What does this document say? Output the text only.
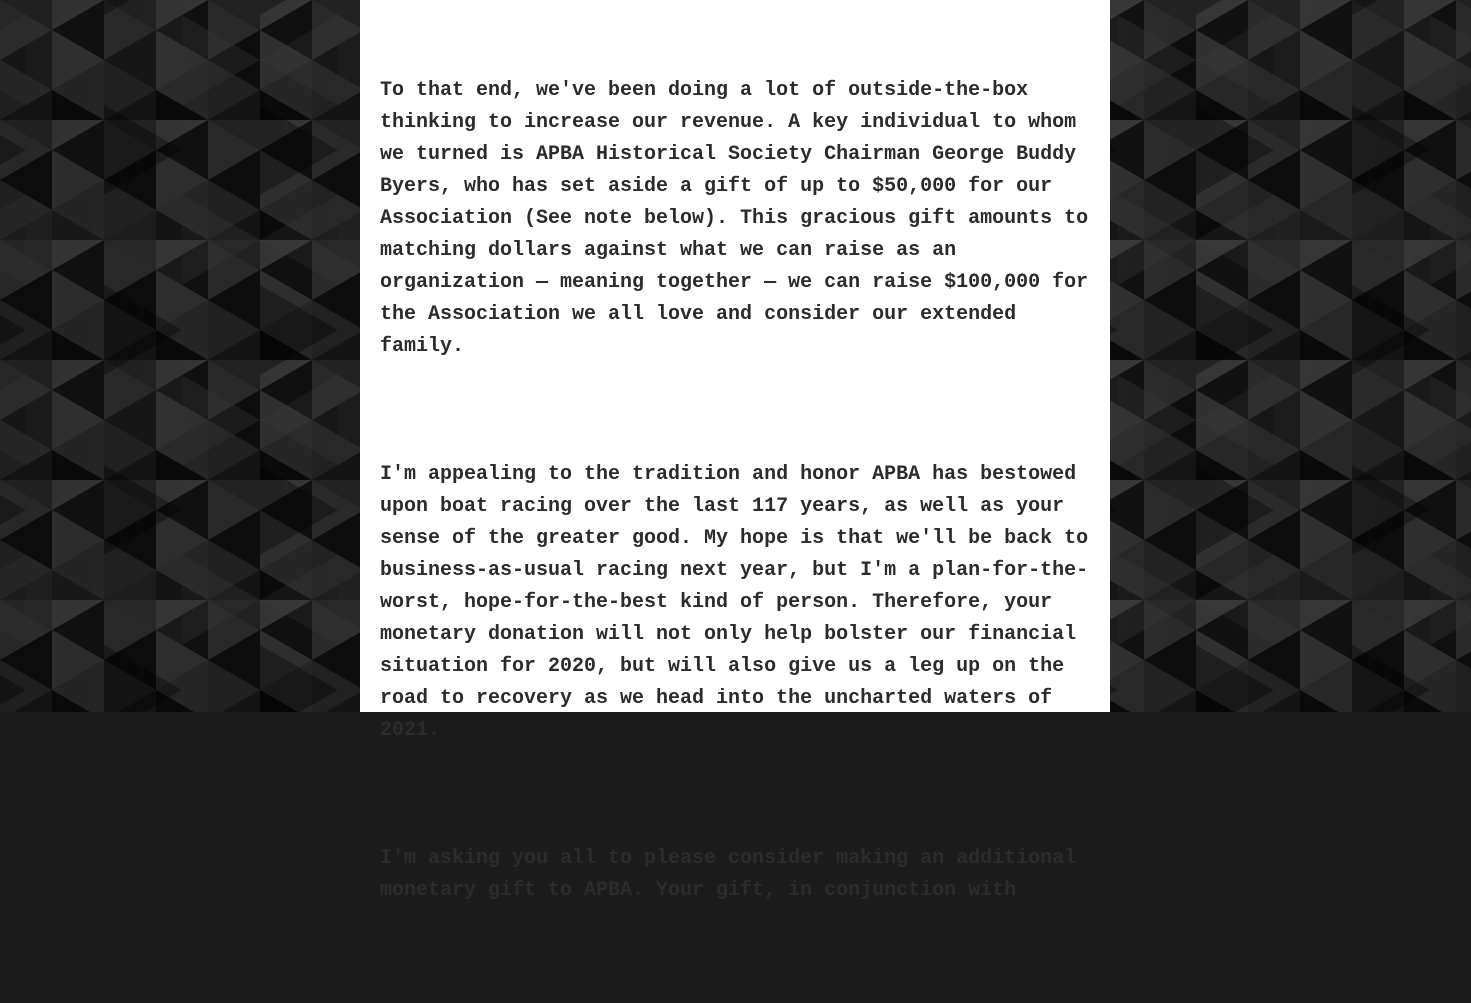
To that end, we've been doing a lot of outside-the-box
thinking to increase our revenue. A key individual to whom
we turned is APBA Historical Society Chairman George Buddy
Byers, who has set aside a gift of up to $50,000 for our
Association (See note below). This gracious gift amounts to
matching dollars against what we can raise as an
organization — meaning together — we can raise $100,000 for
the Association we all love and consider our extended
family.

I'm appealing to the tradition and honor APBA has bestowed
upon boat racing over the last 117 years, as well as your
sense of the greater good. My hope is that we'll be back to
business-as-usual racing next year, but I'm a plan-for-the-
worst, hope-for-the-best kind of person. Therefore, your
monetary donation will not only help bolster our financial
situation for 2020, but will also give us a leg up on the
road to recovery as we head into the uncharted waters of
2021.

I'm asking you all to please consider making an additional
monetary gift to APBA. Your gift, in conjunction with
